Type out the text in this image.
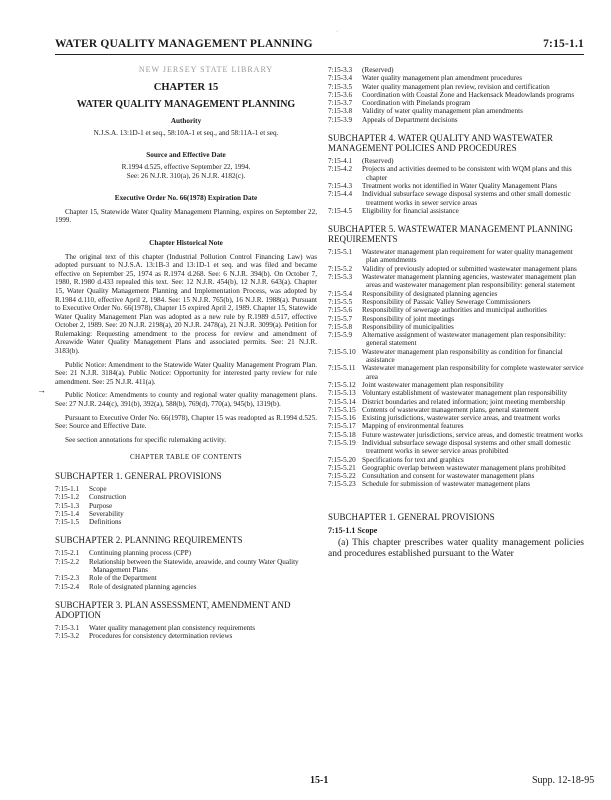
WATER QUALITY MANAGEMENT PLANNING	7:15-1.1
·
NEW JERSEY STATE LIBRARY
CHAPTER 15
WATER QUALITY MANAGEMENT PLANNING
Authority
N.J.S.A. 13:1D-1 et seq., 58:10A-1 et seq., and 58:11A-1 et seq.
Source and Effective Date
R.1994 d.525, effective September 22, 1994.
See: 26 N.J.R. 310(a), 26 N.J.R. 4182(c).
Executive Order No. 66(1978) Expiration Date

Chapter 15, Statewide Water Quality Management Planning, expires on September 22, 1999.

Chapter Historical Note

The original text of this chapter (Industrial Pollution Control Financing Law) was adopted pursuant to N.J.S.A. 13:1B-3 and 13:1D-1 et seq. and was filed and became effective on September 25, 1974 as R.1974 d.268. See: 6 N.J.R. 394(b). On October 7, 1980, R.1980 d.433 repealed this text. See: 12 N.J.R. 454(b), 12 N.J.R. 643(a). Chapter 15, Water Quality Management Planning and Implementation Process, was adopted by R.1984 d.110, effective April 2, 1984. See: 15 N.J.R. 765(b), 16 N.J.R. 1988(a). Pursuant to Executive Order No. 66(1978), Chapter 15 expired April 2, 1989. Chapter 15, Statewide Water Quality Management Plan was adopted as a new rule by R.1989 d.517, effective October 2, 1989. See: 20 N.J.R. 2198(a), 20 N.J.R. 2478(a), 21 N.J.R. 3099(a). Petition for Rulemaking: Requesting amendment to the process for review and amendment of Areawide Water Quality Management Plans and associated permits. See: 21 N.J.R. 3183(b).

Public Notice: Amendment to the Statewide Water Quality Management Program Plan. See: 21 N.J.R. 3184(a). Public Notice: Opportunity for interested party review for rule amendment. See: 25 N.J.R. 411(a).

Public Notice: Amendments to county and regional water quality management plans. See: 27 N.J.R. 244(c), 391(b), 392(a), 588(b), 769(d), 770(a), 945(b), 1319(b).

Pursuant to Executive Order No. 66(1978), Chapter 15 was readopted as R.1994 d.525. See: Source and Effective Date.

See section annotations for specific rulemaking activity.

CHAPTER TABLE OF CONTENTS
SUBCHAPTER 1. GENERAL PROVISIONS
7:15-1.1	Scope
7:15-1.2	Construction
7:15-1.3	Purpose
7:15-1.4	Severability
7:15-1.5	Definitions
SUBCHAPTER 2. PLANNING REQUIREMENTS
7:15-2.1	Continuing planning process (CPP)
7:15-2.2	Relationship between the Statewide, areawide, and county Water Quality Management Plans
7:15-2.3	Role of the Department
7:15-2.4	Role of designated planning agencies
SUBCHAPTER 3. PLAN ASSESSMENT, AMENDMENT AND ADOPTION
7:15-3.1	Water quality management plan consistency requirements
7:15-3.2	Procedures for consistency determination reviews
→
7:15-3.3	(Reserved)
7:15-3.4	Water quality management plan amendment procedures
7:15-3.5	Water quality management plan review, revision and certification
7:15-3.6	Coordination with Coastal Zone and Hackensack Meadowlands programs
7:15-3.7	Coordination with Pinelands program
7:15-3.8	Validity of water quality management plan amendments
7:15-3.9	Appeals of Department decisions
SUBCHAPTER 4. WATER QUALITY AND WASTEWATER MANAGEMENT POLICIES AND PROCEDURES
7:15-4.1	(Reserved)
7:15-4.2	Projects and activities deemed to be consistent with WQM plans and this chapter
7:15-4.3	Treatment works not identified in Water Quality Management Plans
7:15-4.4	Individual subsurface sewage disposal systems and other small domestic treatment works in sewer service areas
7:15-4.5	Eligibility for financial assistance
SUBCHAPTER 5. WASTEWATER MANAGEMENT PLANNING REQUIREMENTS
7:15-5.1	Wastewater management plan requirement for water quality management plan amendments
7:15-5.2	Validity of previously adopted or submitted wastewater management plans
7:15-5.3	Wastewater management planning agencies, wastewater management plan areas and wastewater management plan responsibility: general statement
7:15-5.4	Responsibility of designated planning agencies
7:15-5.5	Responsibility of Passaic Valley Sewerage Commissioners
7:15-5.6	Responsibility of sewerage authorities and municipal authorities
7:15-5.7	Responsibility of joint meetings
7:15-5.8	Responsibility of municipalities
7:15-5.9	Alternative assignment of wastewater management plan responsibility: general statement
7:15-5.10 Wastewater management plan responsibility as condition for financial assistance
7:15-5.11 Wastewater management plan responsibility for complete wastewater service area
7:15-5.12 Joint wastewater management plan responsibility
7:15-5.13 Voluntary establishment of wastewater management plan responsibility
7:15-5.14 District boundaries and related information; joint meeting membership
7:15-5.15 Contents of wastewater management plans, general statement
7:15-5.16 Existing jurisdictions, wastewater service areas, and treatment works
7:15-5.17 Mapping of environmental features
7:15-5.18 Future wastewater jurisdictions, service areas, and domestic treatment works
7:15-5.19 Individual subsurface sewage disposal systems and other small domestic treatment works in sewer service areas prohibited
7:15-5.20 Specifications for text and graphics
7:15-5.21 Geographic overlap between wastewater management plans prohibited
7:15-5.22 Consultation and consent for wastewater management plans
7:15-5.23 Schedule for submission of wastewater management plans
SUBCHAPTER 1. GENERAL PROVISIONS
7:15-1.1 Scope

(a) This chapter prescribes water quality management policies and procedures established pursuant to the Water

15-1	Supp. 12-18-95
